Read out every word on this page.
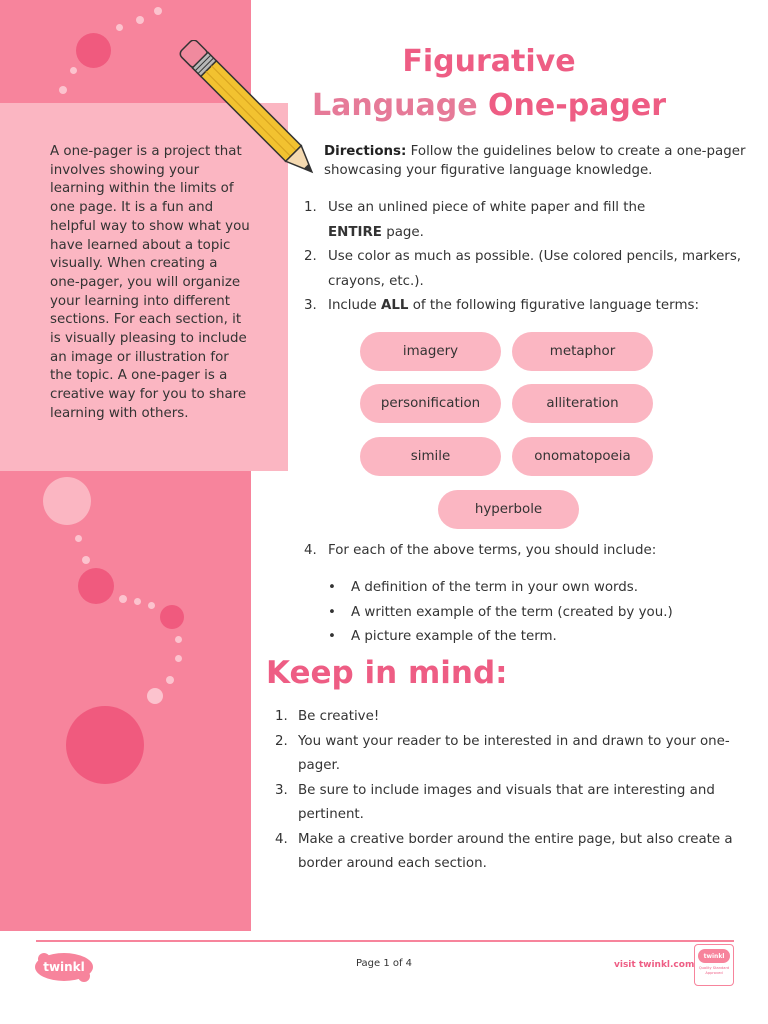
A one-pager is a project that involves showing your learning within the limits of one page. It is a fun and helpful way to show what you have learned about a topic visually. When creating a one-pager, you will organize your learning into different sections. For each section, it is visually pleasing to include an image or illustration for the topic. A one-pager is a creative way for you to share learning with others.

Figurative
Language One-pager

Directions: Follow the guidelines below to create a one-pager showcasing your figurative language knowledge.

1. Use an unlined piece of white paper and fill the
ENTIRE page.
2. Use color as much as possible. (Use colored pencils, markers, crayons, etc.).
3. Include ALL of the following figurative language terms:
imagery	metaphor
personification	alliteration
simile	onomatopoeia
hyperbole
4. For each of the above terms, you should include:
•	A definition of the term in your own words.
•	A written example of the term (created by you.)
•	A picture example of the term.
Keep in mind:
1. Be creative!
2. You want your reader to be interested in and drawn to your one-pager.
3. Be sure to include images and visuals that are interesting and pertinent.
4. Make a creative border around the entire page, but also create a border around each section.
twinkl	Page 1 of 4	visit twinkl.com
twinkl
Quality Standard Approved
